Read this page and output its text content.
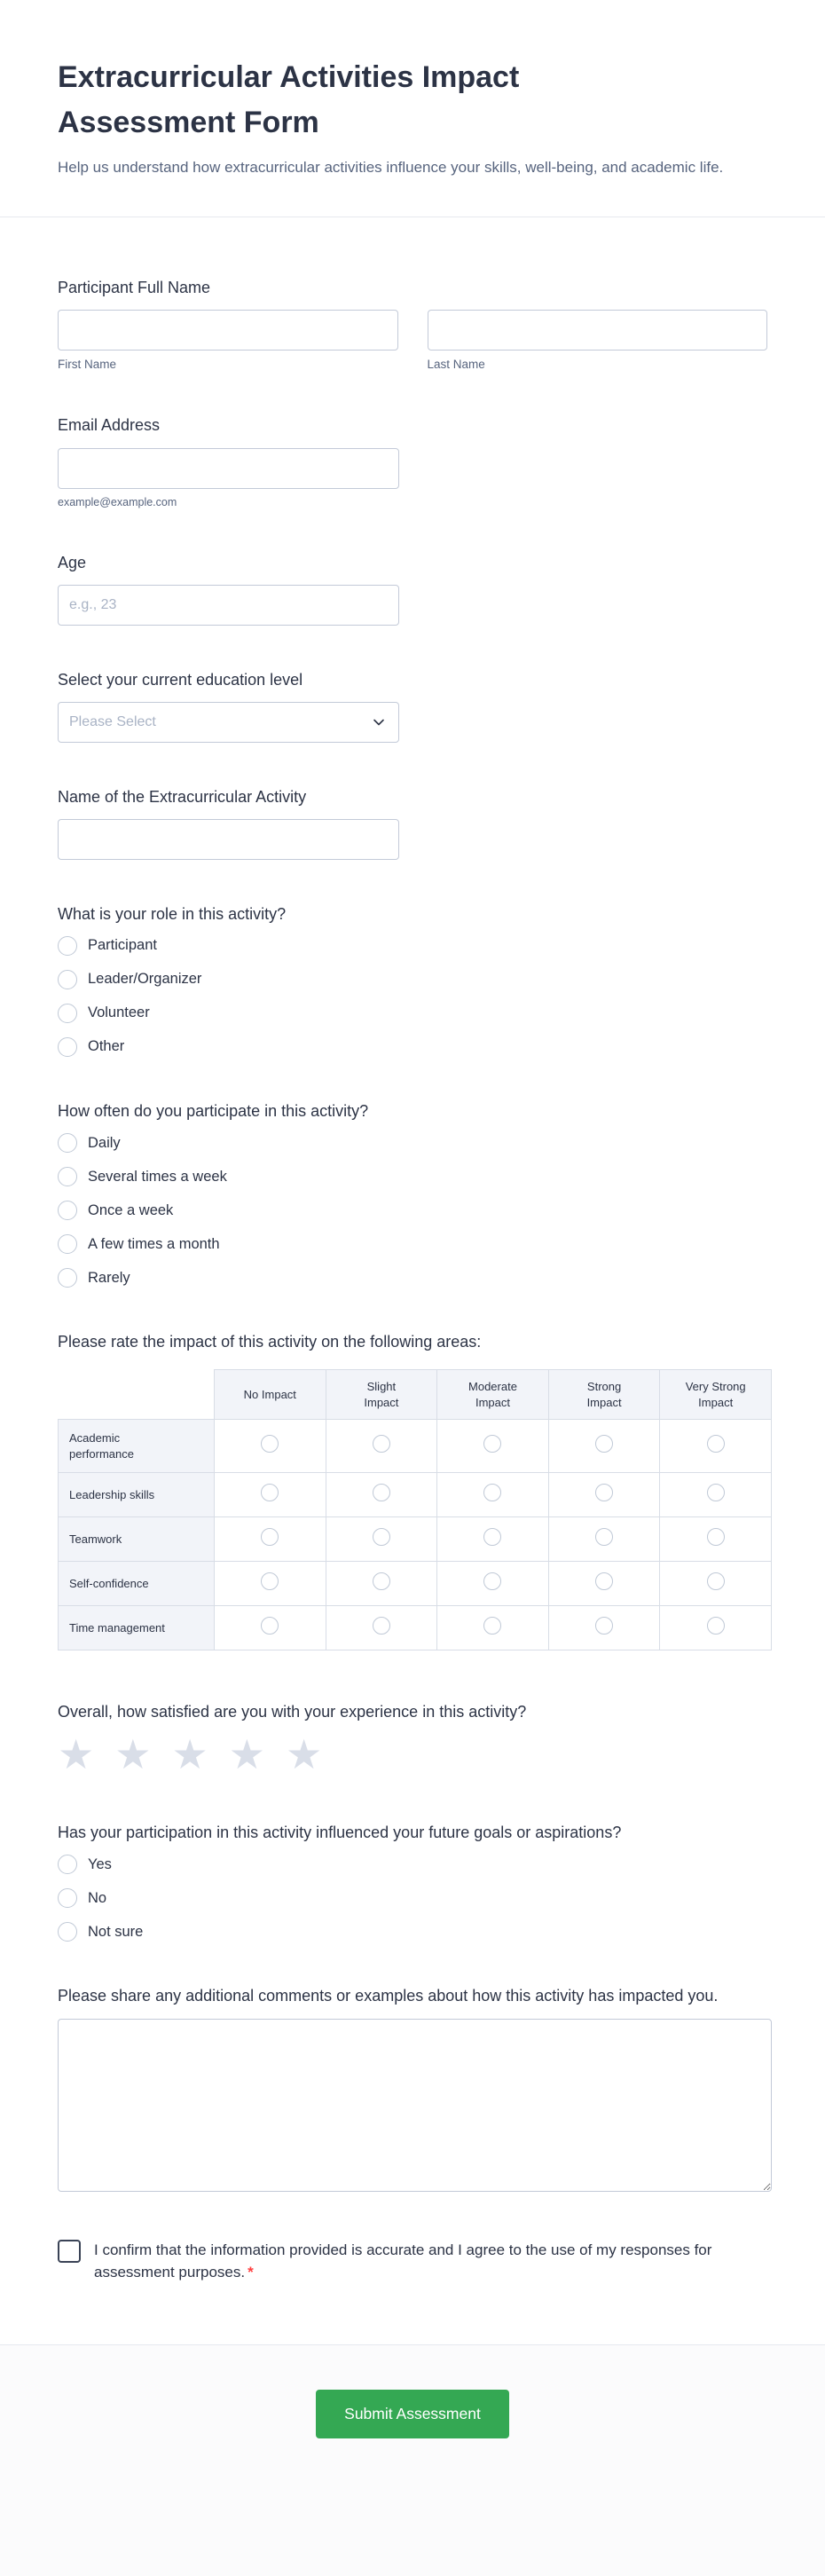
Extracurricular Activities Impact Assessment Form
Help us understand how extracurricular activities influence your skills, well-being, and academic life.
Participant Full Name
First Name	Last Name
Email Address
example@example.com
Age
e.g., 23
Select your current education level
Please Select
Name of the Extracurricular Activity
What is your role in this activity?
Participant
Leader/Organizer
Volunteer
Other
How often do you participate in this activity?
Daily
Several times a week
Once a week
A few times a month
Rarely
Please rate the impact of this activity on the following areas:
	No Impact	Slight Impact	Moderate Impact	Strong Impact	Very Strong Impact
Academic performance					
Leadership skills					
Teamwork					
Self-confidence					
Time management					
Overall, how satisfied are you with your experience in this activity?
★ ★ ★ ★ ★
Has your participation in this activity influenced your future goals or aspirations?
Yes
No
Not sure
Please share any additional comments or examples about how this activity has impacted you.
I confirm that the information provided is accurate and I agree to the use of my responses for assessment purposes. *
Submit Assessment
